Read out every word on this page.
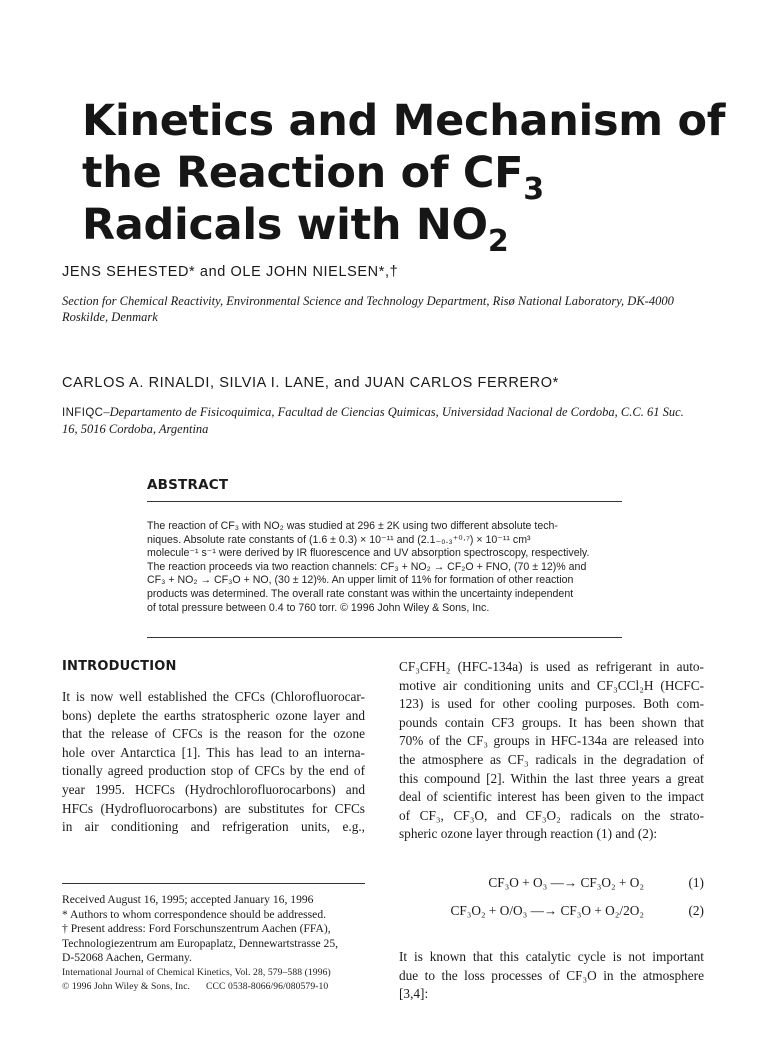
Kinetics and Mechanism of
the Reaction of $CF_3$
Radicals with $NO_2$
JENS SEHESTED* and OLE JOHN NIELSEN*,†
Section for Chemical Reactivity, Environmental Science and Technology Department, Risø National Laboratory, DK-4000
Roskilde, Denmark
CARLOS A. RINALDI, SILVIA I. LANE, and JUAN CARLOS FERRERO*
INFIQC–Departamento de Fisicoquimica, Facultad de Ciencias Quimicas, Universidad Nacional de Cordoba, C.C. 61 Suc.
16, 5016 Cordoba, Argentina
ABSTRACT
The reaction of CF₃ with NO₂ was studied at 296 ± 2K using two different absolute tech-
niques. Absolute rate constants of (1.6 ± 0.3) × 10⁻¹¹ and (2.1₋₀.₃⁺⁰·⁷) × 10⁻¹¹ cm³
molecule⁻¹ s⁻¹ were derived by IR fluorescence and UV absorption spectroscopy, respectively.
The reaction proceeds via two reaction channels: CF₃ + NO₂ → CF₂O + FNO, (70 ± 12)% and
CF₃ + NO₂ → CF₃O + NO, (30 ± 12)%. An upper limit of 11% for formation of other reaction
products was determined. The overall rate constant was within the uncertainty independent
of total pressure between 0.4 to 760 torr. © 1996 John Wiley & Sons, Inc.
INTRODUCTION
It is now well established the CFCs (Chlorofluorocar-
bons) deplete the earths stratospheric ozone layer and
that the release of CFCs is the reason for the ozone
hole over Antarctica [1]. This has lead to an interna-
tionally agreed production stop of CFCs by the end of
year 1995. HCFCs (Hydrochlorofluorocarbons) and
HFCs (Hydrofluorocarbons) are substitutes for CFCs
in air conditioning and refrigeration units, e.g.,
Received August 16, 1995; accepted January 16, 1996
* Authors to whom correspondence should be addressed.
† Present address: Ford Forschunszentrum Aachen (FFA),
Technologiezentrum am Europaplatz, Dennewartstrasse 25,
D-52068 Aachen, Germany.
International Journal of Chemical Kinetics, Vol. 28, 579–588 (1996)
© 1996 John Wiley & Sons, Inc. CCC 0538-8066/96/080579-10
CF₃CFH₂ (HFC-134a) is used as refrigerant in auto-
motive air conditioning units and CF₃CCl₂H (HCFC-
123) is used for other cooling purposes. Both com-
pounds contain CF3 groups. It has been shown that
70% of the CF₃ groups in HFC-134a are released into
the atmosphere as CF₃ radicals in the degradation of
this compound [2]. Within the last three years a great
deal of scientific interest has been given to the impact
of CF₃, CF₃O, and CF₃O₂ radicals on the strato-
spheric ozone layer through reaction (1) and (2):
CF₃O + O₃ —→ CF₃O₂ + O₂	(1)
CF₃O₂ + O/O₃ —→ CF₃O + O₂/2O₂	(2)
It is known that this catalytic cycle is not important
due to the loss processes of CF₃O in the atmosphere
[3,4]:
